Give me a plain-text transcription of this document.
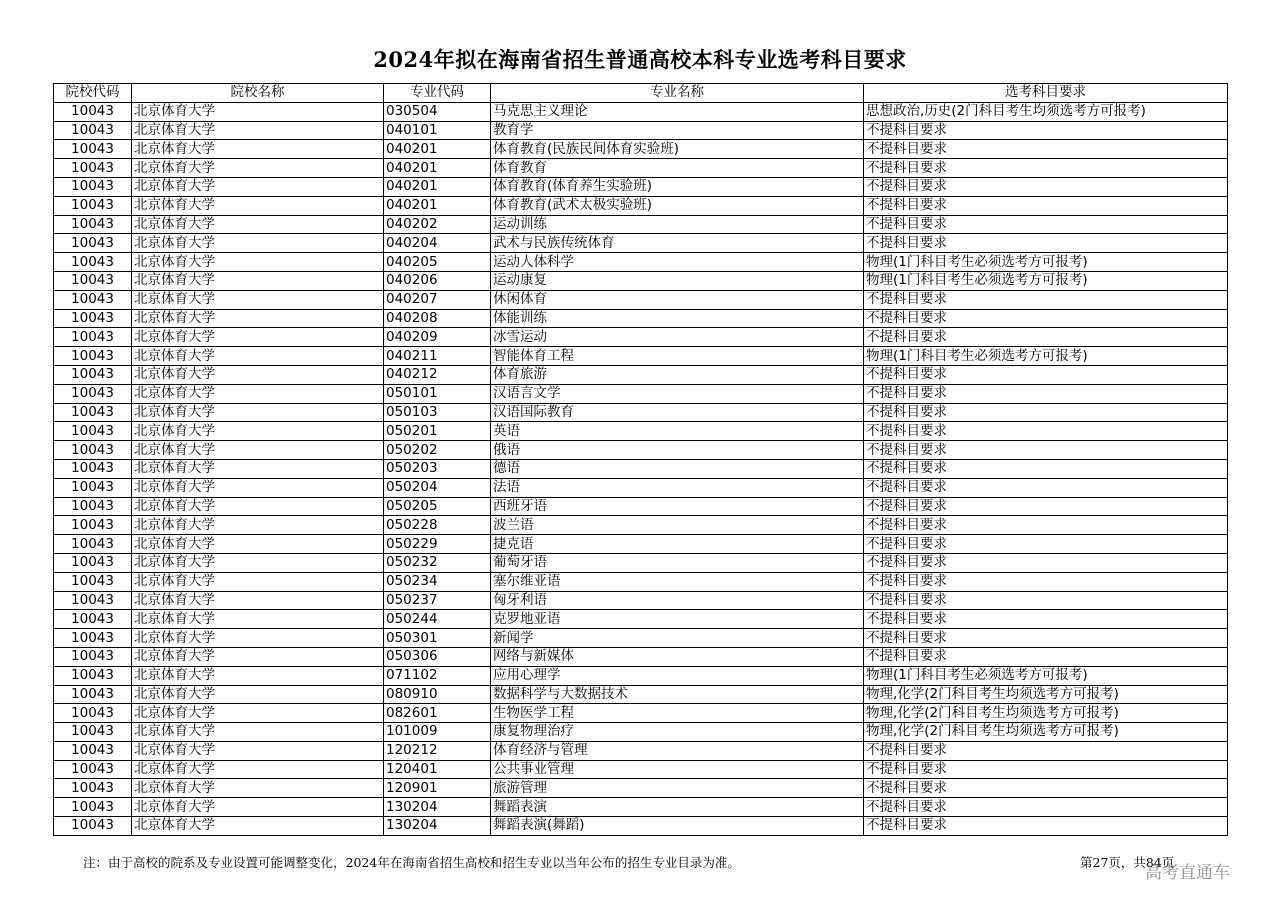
2024年拟在海南省招生普通高校本科专业选考科目要求
院校代码	院校名称	专业代码	专业名称	选考科目要求
10043	北京体育大学	030504	马克思主义理论	思想政治,历史(2门科目考生均须选考方可报考)
10043	北京体育大学	040101	教育学	不提科目要求
10043	北京体育大学	040201	体育教育(民族民间体育实验班)	不提科目要求
10043	北京体育大学	040201	体育教育	不提科目要求
10043	北京体育大学	040201	体育教育(体育养生实验班)	不提科目要求
10043	北京体育大学	040201	体育教育(武术太极实验班)	不提科目要求
10043	北京体育大学	040202	运动训练	不提科目要求
10043	北京体育大学	040204	武术与民族传统体育	不提科目要求
10043	北京体育大学	040205	运动人体科学	物理(1门科目考生必须选考方可报考)
10043	北京体育大学	040206	运动康复	物理(1门科目考生必须选考方可报考)
10043	北京体育大学	040207	休闲体育	不提科目要求
10043	北京体育大学	040208	体能训练	不提科目要求
10043	北京体育大学	040209	冰雪运动	不提科目要求
10043	北京体育大学	040211	智能体育工程	物理(1门科目考生必须选考方可报考)
10043	北京体育大学	040212	体育旅游	不提科目要求
10043	北京体育大学	050101	汉语言文学	不提科目要求
10043	北京体育大学	050103	汉语国际教育	不提科目要求
10043	北京体育大学	050201	英语	不提科目要求
10043	北京体育大学	050202	俄语	不提科目要求
10043	北京体育大学	050203	德语	不提科目要求
10043	北京体育大学	050204	法语	不提科目要求
10043	北京体育大学	050205	西班牙语	不提科目要求
10043	北京体育大学	050228	波兰语	不提科目要求
10043	北京体育大学	050229	捷克语	不提科目要求
10043	北京体育大学	050232	葡萄牙语	不提科目要求
10043	北京体育大学	050234	塞尔维亚语	不提科目要求
10043	北京体育大学	050237	匈牙利语	不提科目要求
10043	北京体育大学	050244	克罗地亚语	不提科目要求
10043	北京体育大学	050301	新闻学	不提科目要求
10043	北京体育大学	050306	网络与新媒体	不提科目要求
10043	北京体育大学	071102	应用心理学	物理(1门科目考生必须选考方可报考)
10043	北京体育大学	080910	数据科学与大数据技术	物理,化学(2门科目考生均须选考方可报考)
10043	北京体育大学	082601	生物医学工程	物理,化学(2门科目考生均须选考方可报考)
10043	北京体育大学	101009	康复物理治疗	物理,化学(2门科目考生均须选考方可报考)
10043	北京体育大学	120212	体育经济与管理	不提科目要求
10043	北京体育大学	120401	公共事业管理	不提科目要求
10043	北京体育大学	120901	旅游管理	不提科目要求
10043	北京体育大学	130204	舞蹈表演	不提科目要求
10043	北京体育大学	130204	舞蹈表演(舞蹈)	不提科目要求
注：由于高校的院系及专业设置可能调整变化，2024年在海南省招生高校和招生专业以当年公布的招生专业目录为准。	第27页，共84页
高考直通车
